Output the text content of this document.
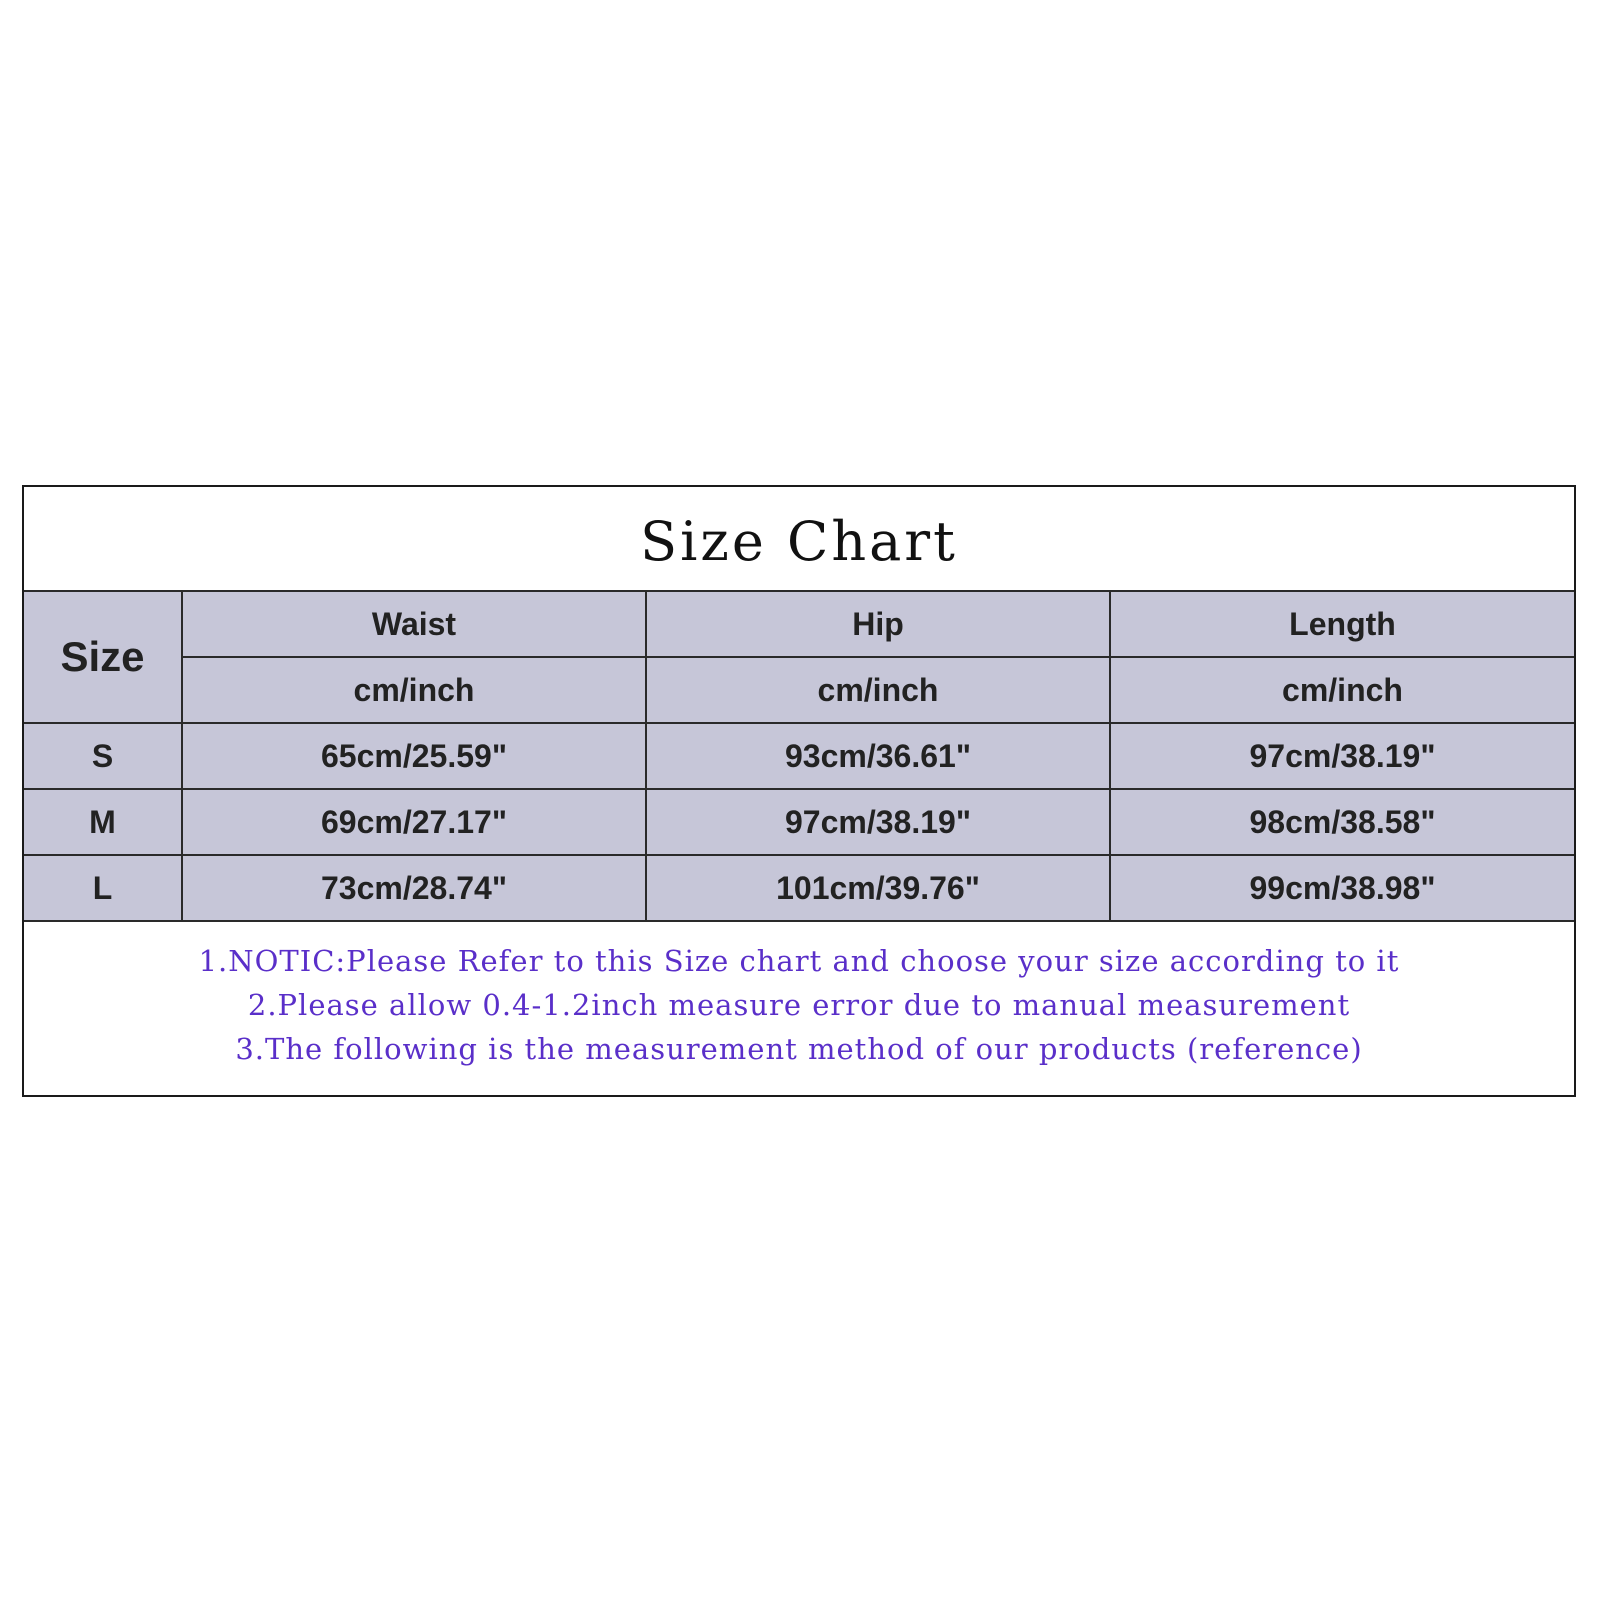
Size Chart
Size	Waist	Hip	Length
	cm/inch	cm/inch	cm/inch
S	65cm/25.59"	93cm/36.61"	97cm/38.19"
M	69cm/27.17"	97cm/38.19"	98cm/38.58"
L	73cm/28.74"	101cm/39.76"	99cm/38.98"
1.NOTIC:Please Refer to this Size chart and choose your size according to it
2.Please allow 0.4-1.2inch measure error due to manual measurement
3.The following is the measurement method of our products (reference)
